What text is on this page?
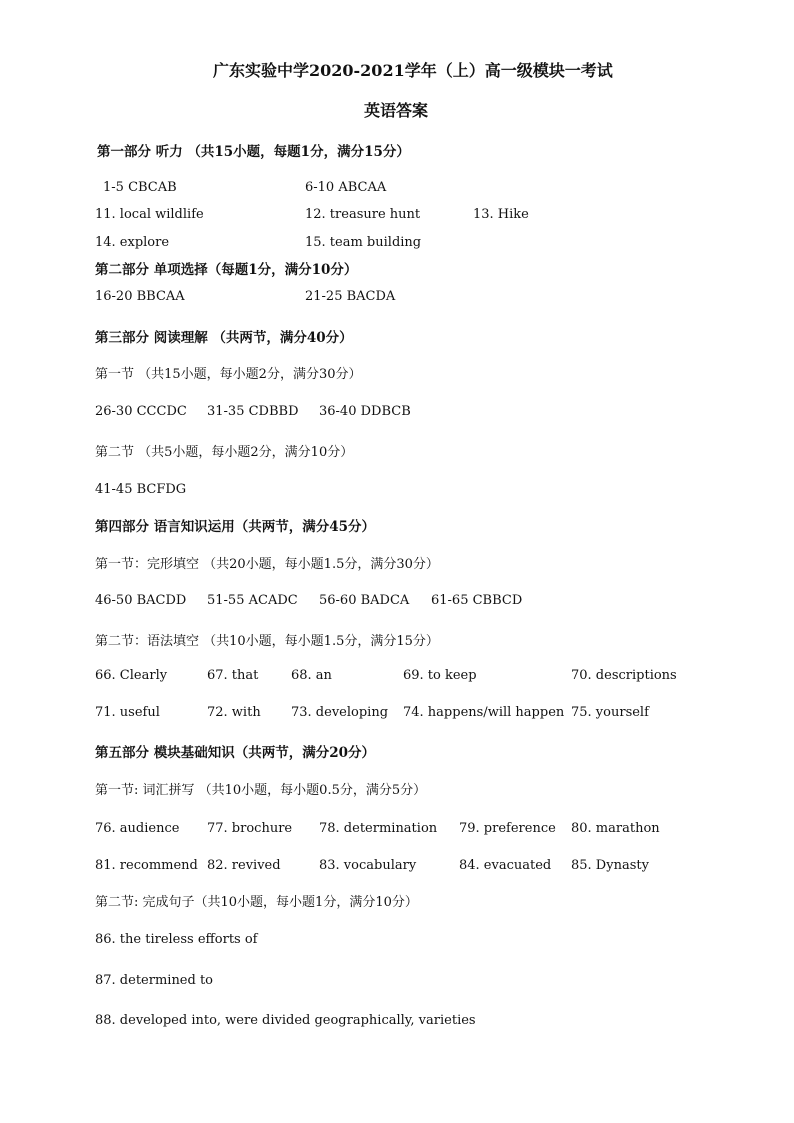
广东实验中学2020-2021学年（上）高一级模块一考试
英语答案
第一部分 听力 （共15小题，每题1分，满分15分）
1-5 CBCAB	6-10 ABCAA
11. local wildlife	12. treasure hunt	13. Hike
14. explore	15. team building
第二部分 单项选择（每题1分，满分10分）
16-20 BBCAA	21-25 BACDA
第三部分 阅读理解 （共两节，满分40分）
第一节 （共15小题，每小题2分，满分30分）
26-30 CCCDC 31-35 CDBBD 36-40 DDBCB
第二节 （共5小题，每小题2分，满分10分）
41-45 BCFDG
第四部分 语言知识运用（共两节，满分45分）
第一节：完形填空 （共20小题，每小题1.5分，满分30分）
46-50 BACDD 51-55 ACADC 56-60 BADCA 61-65 CBBCD
第二节：语法填空 （共10小题，每小题1.5分，满分15分）
66. Clearly	67. that	68. an	69. to keep	70. descriptions
71. useful	72. with 73. developing 74. happens/will happen 75. yourself
第五部分 模块基础知识（共两节，满分20分）
第一节: 词汇拼写 （共10小题，每小题0.5分，满分5分）
76. audience 77. brochure 78. determination 79. preference 80. marathon
81. recommend 82. revived	83. vocabulary	84. evacuated 85. Dynasty
第二节: 完成句子（共10小题，每小题1分，满分10分）
86. the tireless efforts of
87. determined to
88. developed into, were divided geographically, varieties
